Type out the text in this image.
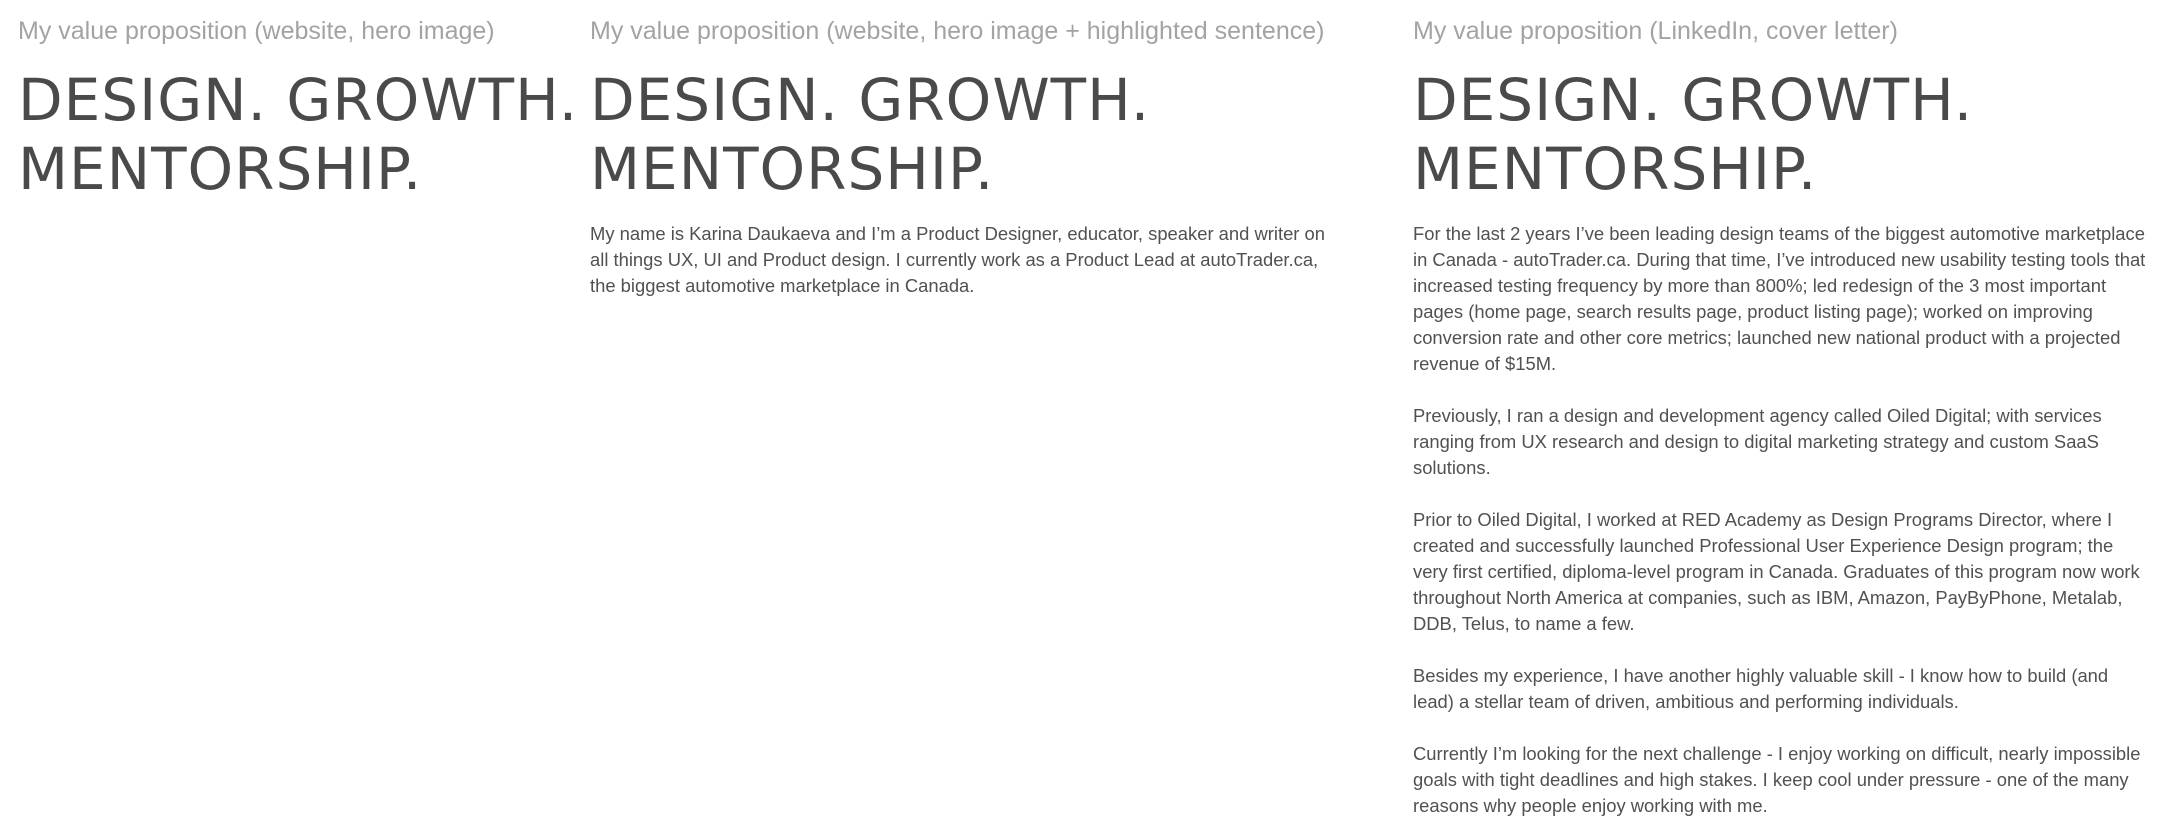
My value proposition (website, hero image)
DESIGN. GROWTH.
MENTORSHIP.
My value proposition (website, hero image + highlighted sentence)
DESIGN. GROWTH.
MENTORSHIP.

My name is Karina Daukaeva and I’m a Product Designer, educator, speaker and writer on all things UX, UI and Product design. I currently work as a Product Lead at autoTrader.ca, the biggest automotive marketplace in Canada.

My value proposition (LinkedIn, cover letter)
DESIGN. GROWTH.
MENTORSHIP.

For the last 2 years I’ve been leading design teams of the biggest automotive marketplace in Canada - autoTrader.ca. During that time, I’ve introduced new usability testing tools that increased testing frequency by more than 800%; led redesign of the 3 most important pages (home page, search results page, product listing page); worked on improving conversion rate and other core metrics; launched new national product with a projected revenue of $15M.

Previously, I ran a design and development agency called Oiled Digital; with services ranging from UX research and design to digital marketing strategy and custom SaaS solutions.

Prior to Oiled Digital, I worked at RED Academy as Design Programs Director, where I created and successfully launched Professional User Experience Design program; the very first certified, diploma-level program in Canada. Graduates of this program now work throughout North America at companies, such as IBM, Amazon, PayByPhone, Metalab, DDB, Telus, to name a few.

Besides my experience, I have another highly valuable skill - I know how to build (and lead) a stellar team of driven, ambitious and performing individuals.

Currently I’m looking for the next challenge - I enjoy working on difficult, nearly impossible goals with tight deadlines and high stakes. I keep cool under pressure - one of the many reasons why people enjoy working with me.
